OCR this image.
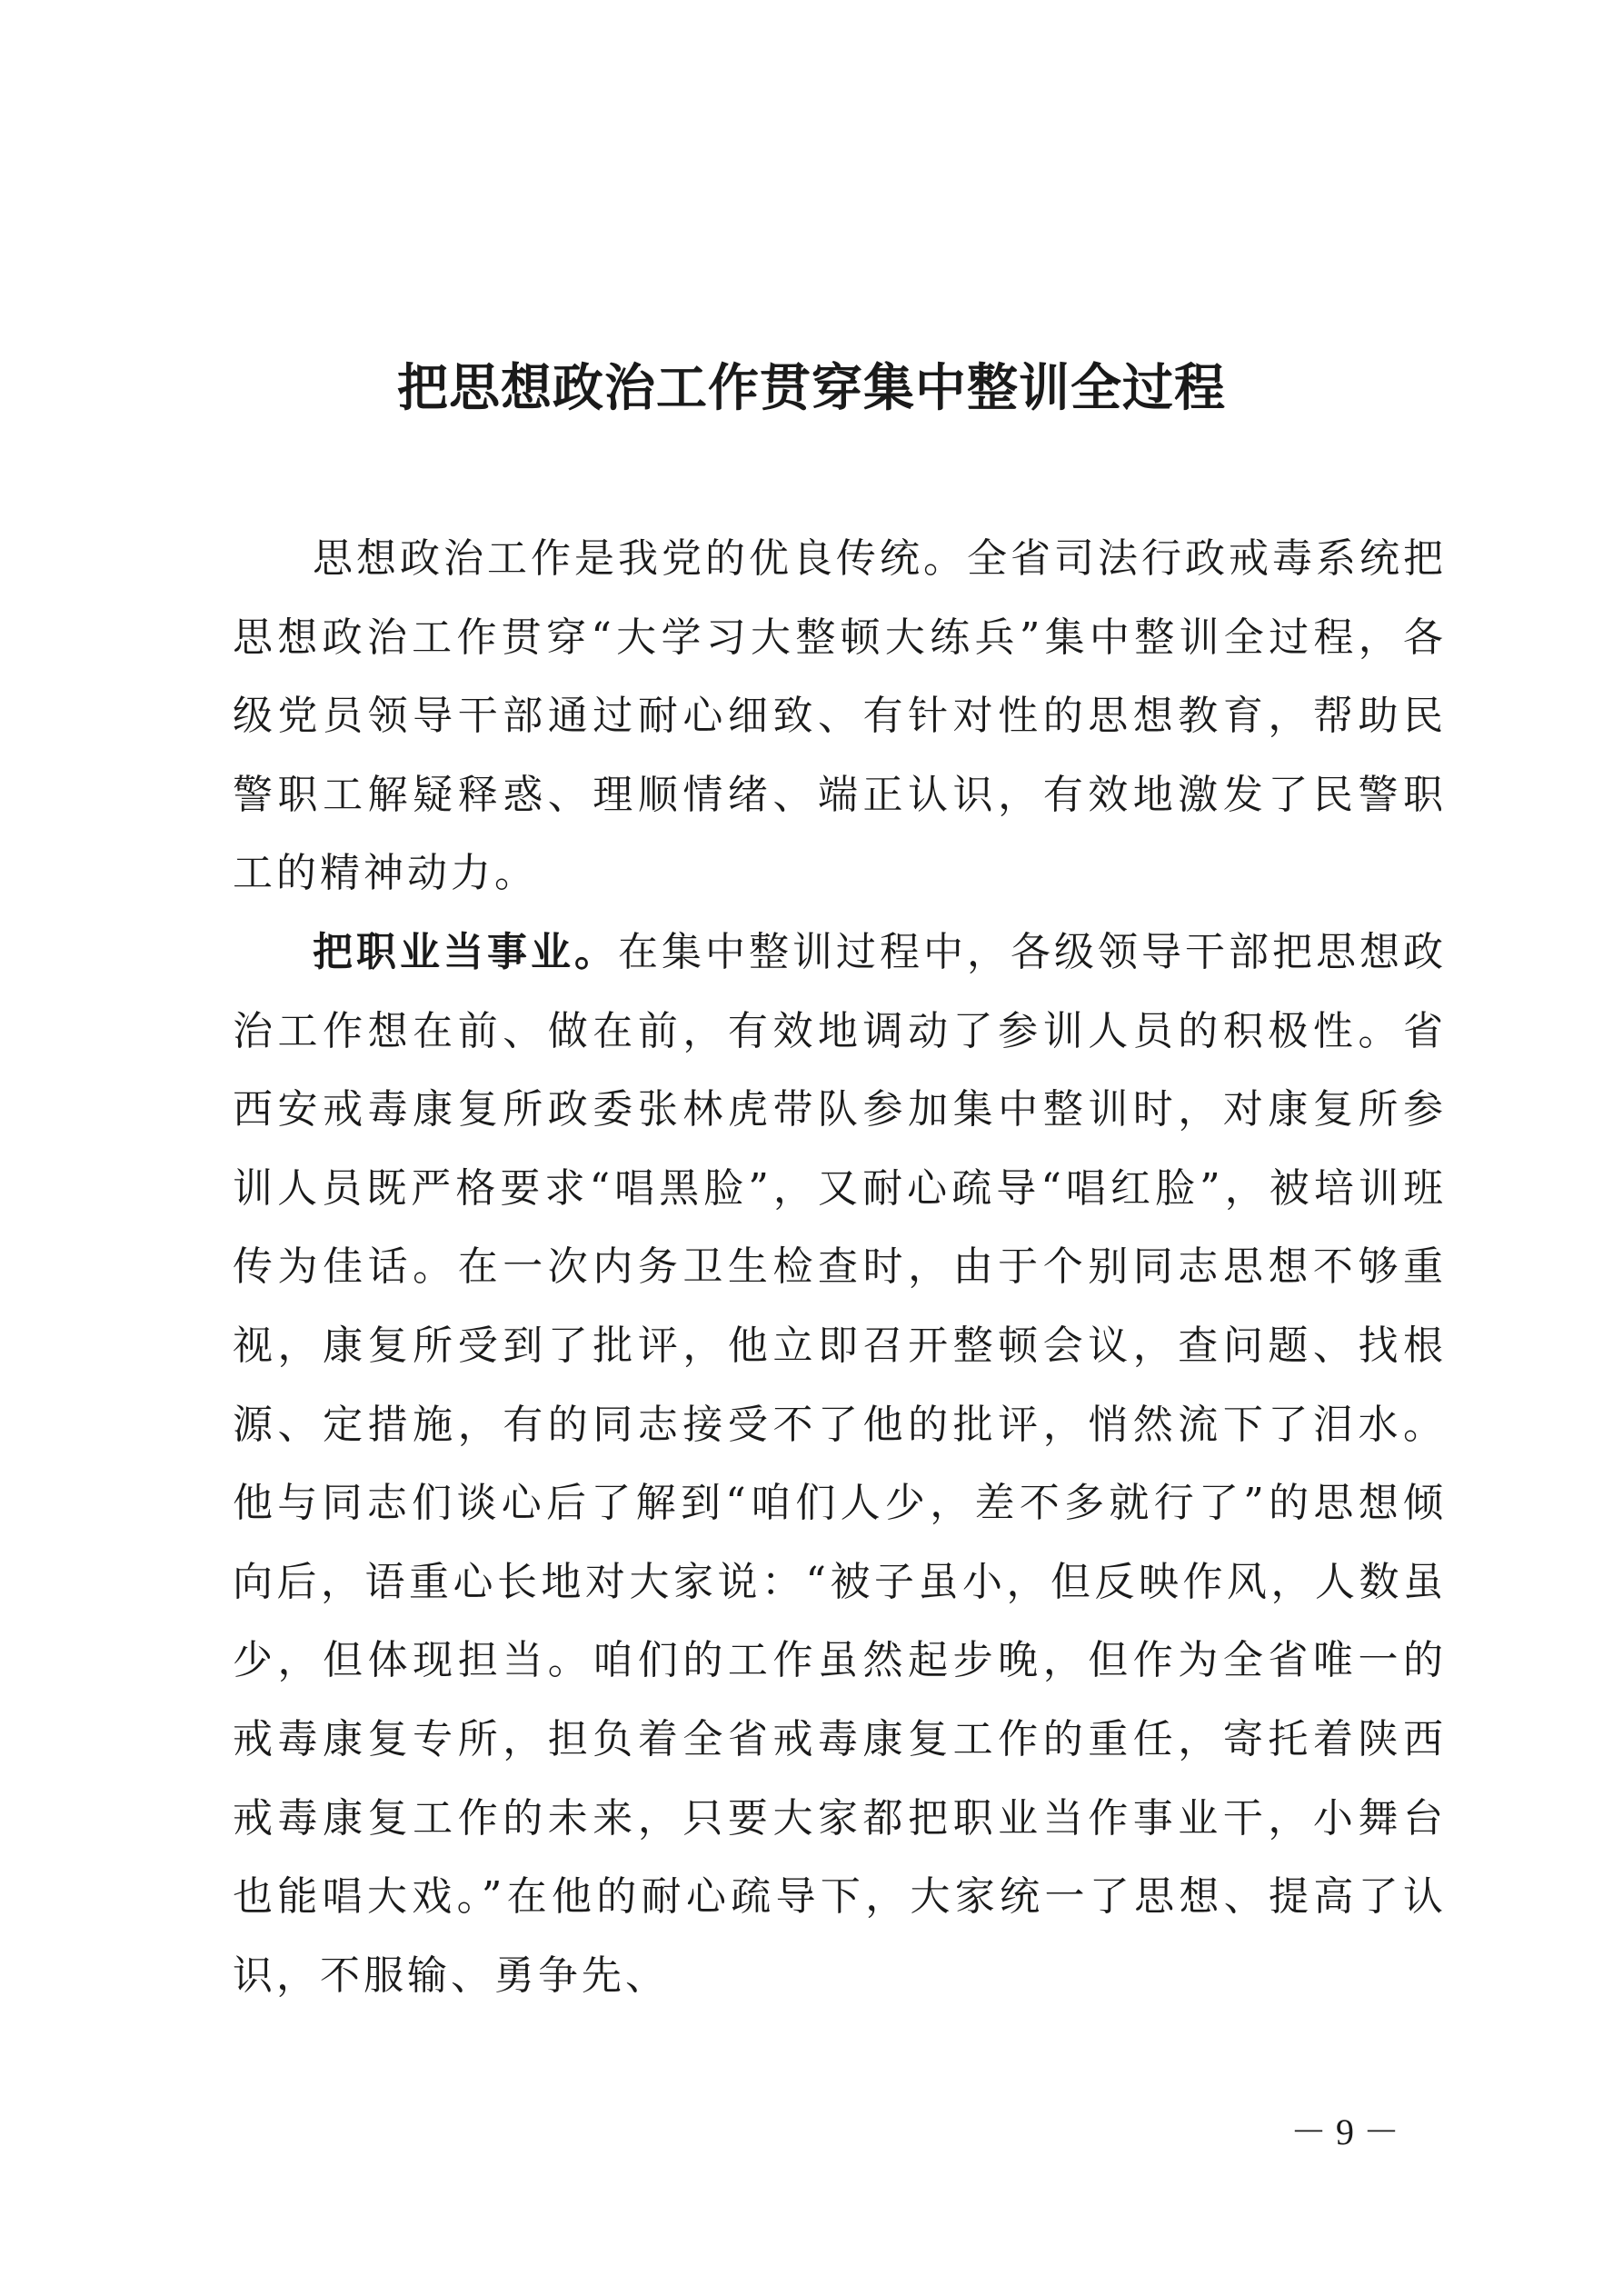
把思想政治工作贯穿集中整训全过程

思想政治工作是我党的优良传统。全省司法行政戒毒系统把思想政治工作贯穿“大学习大整顿大练兵”集中整训全过程，各级党员领导干部通过耐心细致、有针对性的思想教育，帮助民警职工解疑释惑、理顺情绪、端正认识，有效地激发了民警职工的精神动力。

把职业当事业。在集中整训过程中，各级领导干部把思想政治工作想在前、做在前，有效地调动了参训人员的积极性。省西安戒毒康复所政委张林虎带队参加集中整训时，对康复所参训人员既严格要求“唱黑脸”，又耐心疏导“唱红脸”，被培训班传为佳话。在一次内务卫生检查时，由于个别同志思想不够重视，康复所受到了批评，他立即召开整顿会议，查问题、找根源、定措施，有的同志接受不了他的批评，悄然流下了泪水。他与同志们谈心后了解到“咱们人少，差不多就行了”的思想倾向后，语重心长地对大家说：“被子虽小，但反映作风，人数虽少，但体现担当。咱们的工作虽然起步晚，但作为全省唯一的戒毒康复专所，担负着全省戒毒康复工作的重任，寄托着陕西戒毒康复工作的未来，只要大家都把职业当作事业干，小舞台也能唱大戏。”在他的耐心疏导下，大家统一了思想、提高了认识，不服输、勇争先、

－ 9 －
